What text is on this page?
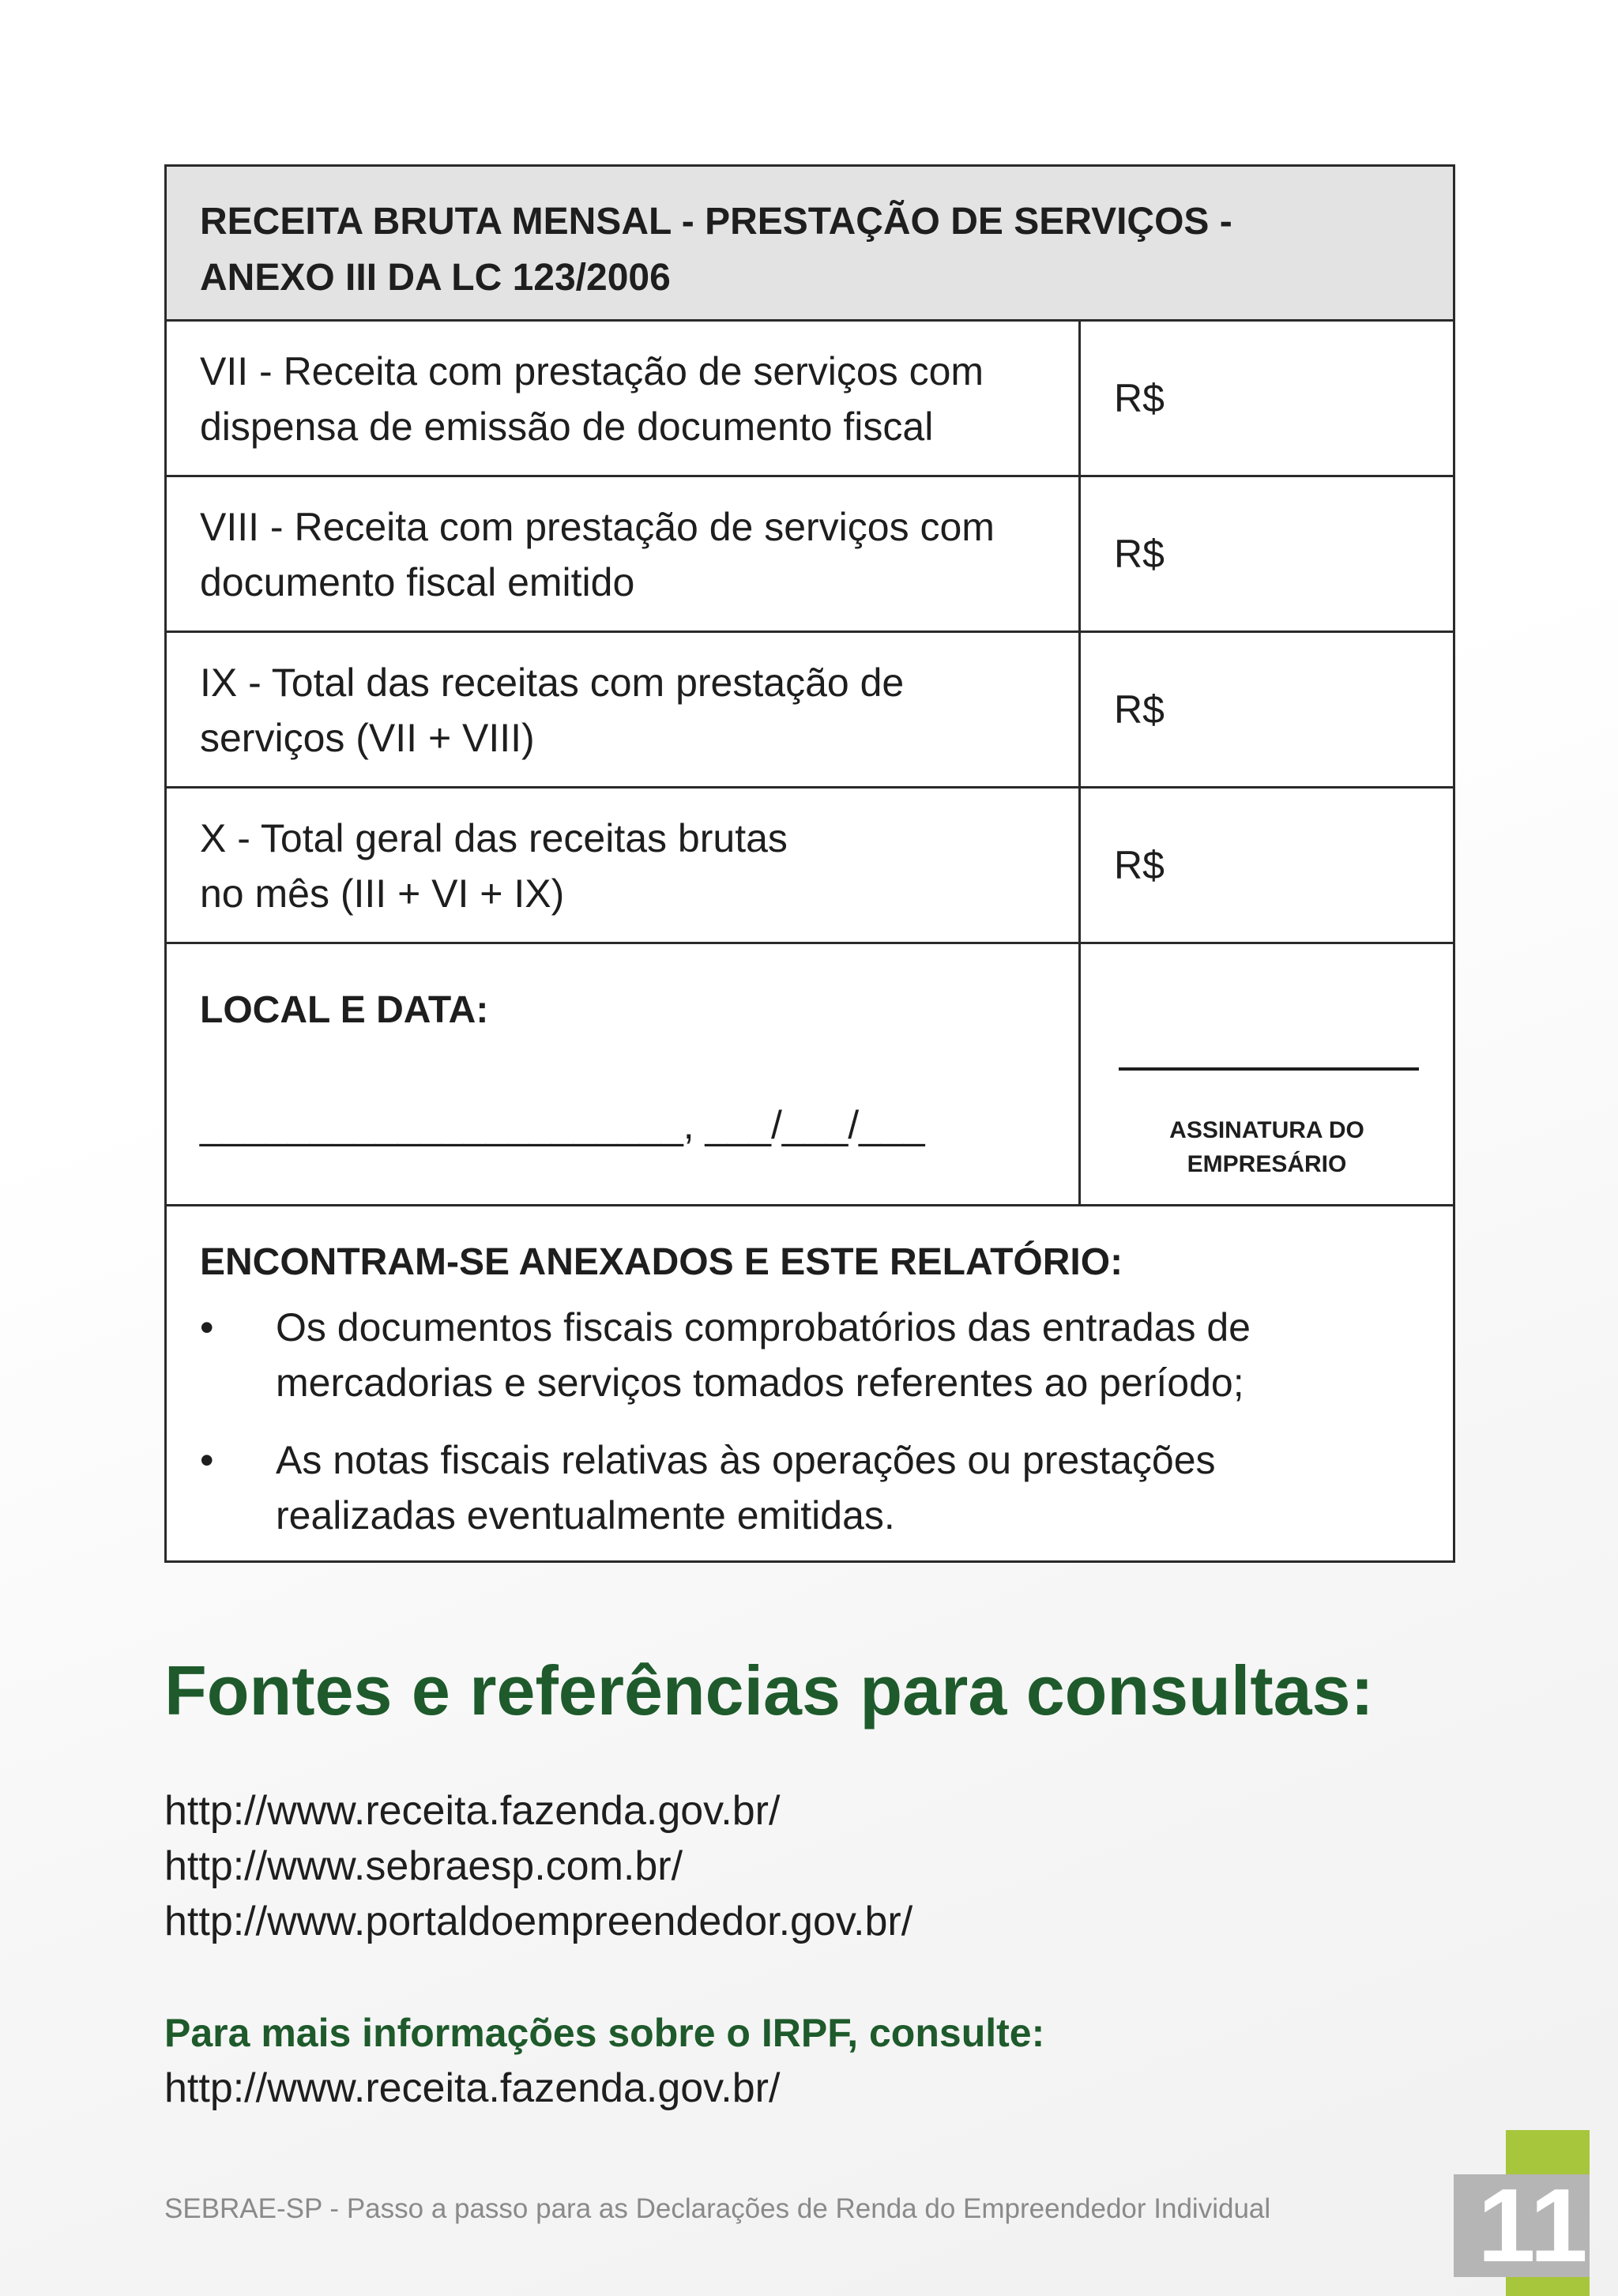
RECEITA BRUTA MENSAL - PRESTAÇÃO DE SERVIÇOS -
ANEXO III DA LC 123/2006
VII - Receita com prestação de serviços com
dispensa de emissão de documento fiscal
R$
VIII - Receita com prestação de serviços com
documento fiscal emitido
R$
IX - Total das receitas com prestação de
serviços (VII + VIII)
R$
X - Total geral das receitas brutas
no mês (III + VI + IX)
R$
LOCAL E DATA:
______________________, ___/___/___	ASSINATURA DO
EMPRESÁRIO
ENCONTRAM-SE ANEXADOS E ESTE RELATÓRIO:
• Os documentos fiscais comprobatórios das entradas de
mercadorias e serviços tomados referentes ao período;
• As notas fiscais relativas às operações ou prestações
realizadas eventualmente emitidas.
Fontes e referências para consultas:
http://www.receita.fazenda.gov.br/
http://www.sebraesp.com.br/
http://www.portaldoempreendedor.gov.br/
Para mais informações sobre o IRPF, consulte:
http://www.receita.fazenda.gov.br/
SEBRAE-SP - Passo a passo para as Declarações de Renda do Empreendedor Individual 11
